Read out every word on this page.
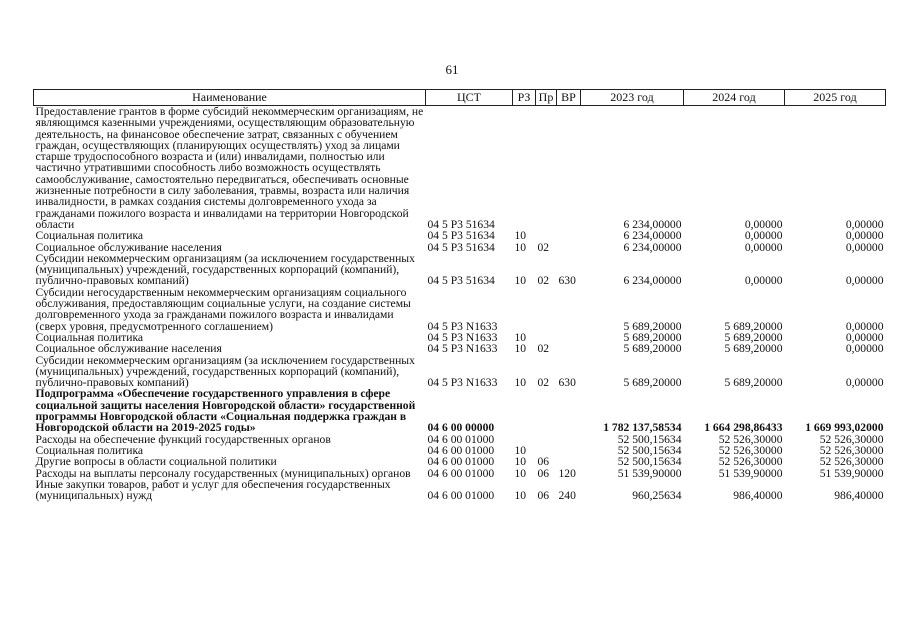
61
Наименование	ЦСТ	РЗ	Пр	ВР	2023 год	2024 год	2025 год
Предоставление грантов в форме субсидий некоммерческим организациям, не являющимся казенными учреждениями, осуществляющим образовательную деятельность, на финансовое обеспечение затрат, связанных с обучением граждан, осуществляющих (планирующих осуществлять) уход за лицами старше трудоспособного возраста и (или) инвалидами, полностью или частично утратившими способность либо возможность осуществлять самообслуживание, самостоятельно передвигаться, обеспечивать основные жизненные потребности в силу заболевания, травмы, возраста или наличия инвалидности, в рамках создания системы долговременного ухода за гражданами пожилого возраста и инвалидами на территории Новгородской области	04 5 Р3 51634				6 234,00000	0,00000	0,00000
Социальная политика	04 5 Р3 51634	10			6 234,00000	0,00000	0,00000
Социальное обслуживание населения	04 5 Р3 51634	10	02		6 234,00000	0,00000	0,00000
Субсидии некоммерческим организациям (за исключением государственных (муниципальных) учреждений, государственных корпораций (компаний), публично-правовых компаний)	04 5 Р3 51634	10	02	630	6 234,00000	0,00000	0,00000
Субсидии негосударственным некоммерческим организациям социального обслуживания, предоставляющим социальные услуги, на создание системы долговременного ухода за гражданами пожилого возраста и инвалидами (сверх уровня, предусмотренного соглашением)	04 5 Р3 N1633				5 689,20000	5 689,20000	0,00000
Социальная политика	04 5 Р3 N1633	10			5 689,20000	5 689,20000	0,00000
Социальное обслуживание населения	04 5 Р3 N1633	10	02		5 689,20000	5 689,20000	0,00000
Субсидии некоммерческим организациям (за исключением государственных (муниципальных) учреждений, государственных корпораций (компаний), публично-правовых компаний)	04 5 Р3 N1633	10	02	630	5 689,20000	5 689,20000	0,00000
Подпрограмма «Обеспечение государственного управления в сфере социальной защиты населения Новгородской области» государственной программы Новгородской области «Социальная поддержка граждан в Новгородской области на 2019-2025 годы»	04 6 00 00000				1 782 137,58534	1 664 298,86433	1 669 993,02000
Расходы на обеспечение функций государственных органов	04 6 00 01000				52 500,15634	52 526,30000	52 526,30000
Социальная политика	04 6 00 01000	10			52 500,15634	52 526,30000	52 526,30000
Другие вопросы в области социальной политики	04 6 00 01000	10	06		52 500,15634	52 526,30000	52 526,30000
Расходы на выплаты персоналу государственных (муниципальных) органов	04 6 00 01000	10	06	120	51 539,90000	51 539,90000	51 539,90000
Иные закупки товаров, работ и услуг для обеспечения государственных (муниципальных) нужд	04 6 00 01000	10	06	240	960,25634	986,40000	986,40000
